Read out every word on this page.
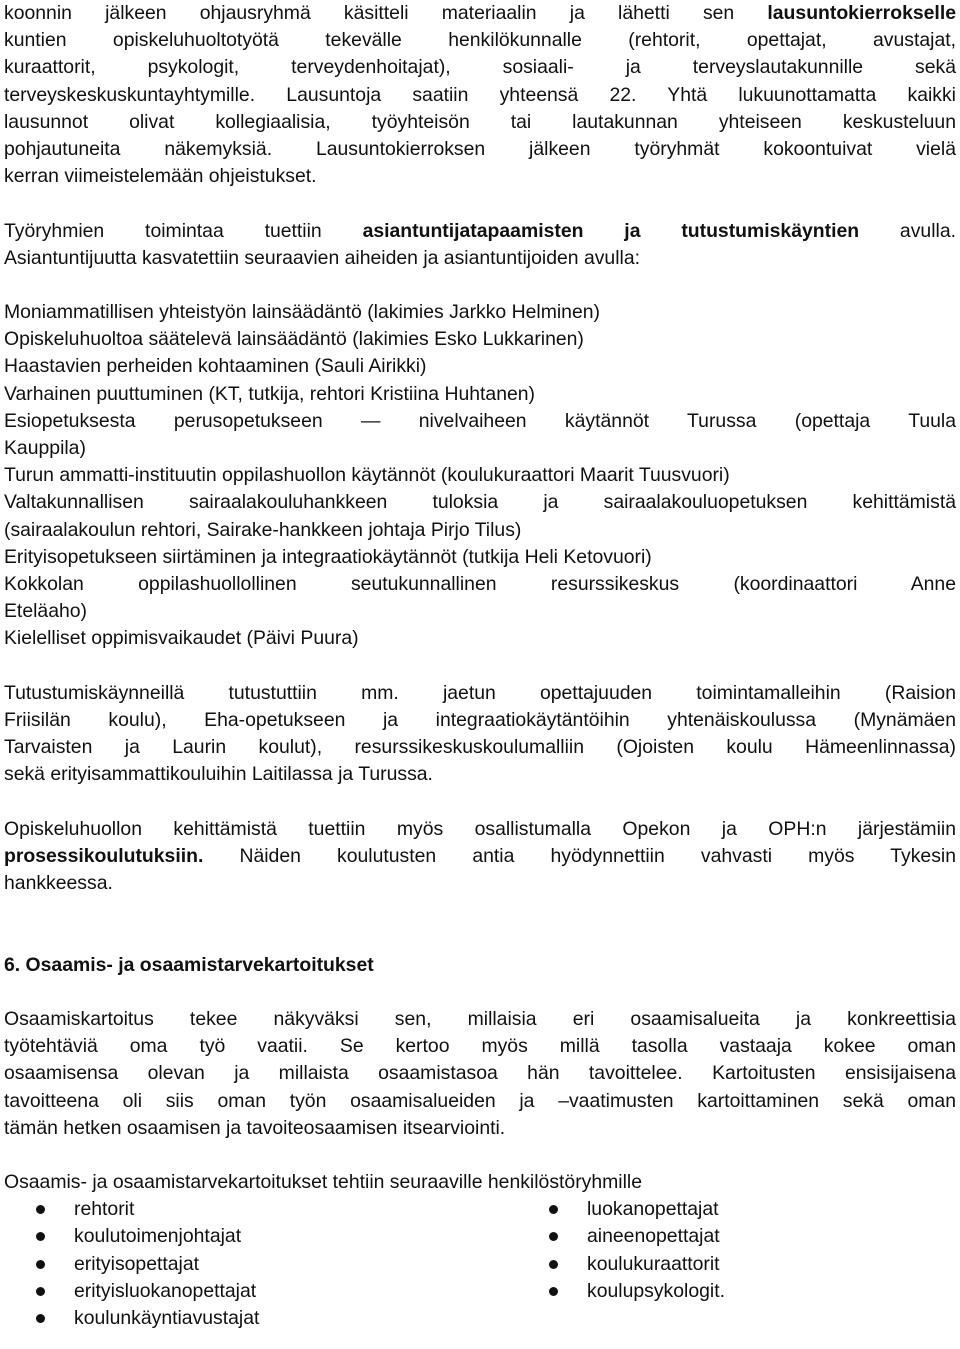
koonnin jälkeen ohjausryhmä käsitteli materiaalin ja lähetti sen lausuntokierrokselle
kuntien opiskeluhuoltotyötä tekevälle henkilökunnalle (rehtorit, opettajat, avustajat,
kuraattorit, psykologit, terveydenhoitajat), sosiaali- ja terveyslautakunnille sekä
terveyskeskuskuntayhtymille. Lausuntoja saatiin yhteensä 22. Yhtä lukuunottamatta kaikki
lausunnot olivat kollegiaalisia, työyhteisön tai lautakunnan yhteiseen keskusteluun
pohjautuneita näkemyksiä. Lausuntokierroksen jälkeen työryhmät kokoontuivat vielä
kerran viimeistelemään ohjeistukset.
Työryhmien toimintaa tuettiin asiantuntijatapaamisten ja tutustumiskäyntien avulla.
Asiantuntijuutta kasvatettiin seuraavien aiheiden ja asiantuntijoiden avulla:
Moniammatillisen yhteistyön lainsäädäntö (lakimies Jarkko Helminen)
Opiskeluhuoltoa säätelevä lainsäädäntö (lakimies Esko Lukkarinen)
Haastavien perheiden kohtaaminen (Sauli Airikki)
Varhainen puuttuminen (KT, tutkija, rehtori Kristiina Huhtanen)
Esiopetuksesta perusopetukseen — nivelvaiheen käytännöt Turussa (opettaja Tuula
Kauppila)
Turun ammatti-instituutin oppilashuollon käytännöt (koulukuraattori Maarit Tuusvuori)
Valtakunnallisen sairaalakouluhankkeen tuloksia ja sairaalakouluopetuksen kehittämistä
(sairaalakoulun rehtori, Sairake-hankkeen johtaja Pirjo Tilus)
Erityisopetukseen siirtäminen ja integraatiokäytännöt (tutkija Heli Ketovuori)
Kokkolan oppilashuollollinen seutukunnallinen resurssikeskus (koordinaattori Anne
Eteläaho)
Kielelliset oppimisvaikaudet (Päivi Puura)
Tutustumiskäynneillä tutustuttiin mm. jaetun opettajuuden toimintamalleihin (Raision
Friisilän koulu), Eha-opetukseen ja integraatiokäytäntöihin yhtenäiskoulussa (Mynämäen
Tarvaisten ja Laurin koulut), resurssikeskuskoulumalliin (Ojoisten koulu Hämeenlinnassa)
sekä erityisammattikouluihin Laitilassa ja Turussa.
Opiskeluhuollon kehittämistä tuettiin myös osallistumalla Opekon ja OPH:n järjestämiin
prosessikoulutuksiin. Näiden koulutusten antia hyödynnettiin vahvasti myös Tykesin
hankkeessa.
6. Osaamis- ja osaamistarvekartoitukset
Osaamiskartoitus tekee näkyväksi sen, millaisia eri osaamisalueita ja konkreettisia
työtehtäviä oma työ vaatii. Se kertoo myös millä tasolla vastaaja kokee oman
osaamisensa olevan ja millaista osaamistasoa hän tavoittelee. Kartoitusten ensisijaisena
tavoitteena oli siis oman työn osaamisalueiden ja –vaatimusten kartoittaminen sekä oman
tämän hetken osaamisen ja tavoiteosaamisen itsearviointi.
Osaamis- ja osaamistarvekartoitukset tehtiin seuraaville henkilöstöryhmille
rehtorit
koulutoimenjohtajat
erityisopettajat
erityisluokanopettajat
koulunkäyntiavustajat
luokanopettajat
aineenopettajat
koulukuraattorit
koulupsykologit.
